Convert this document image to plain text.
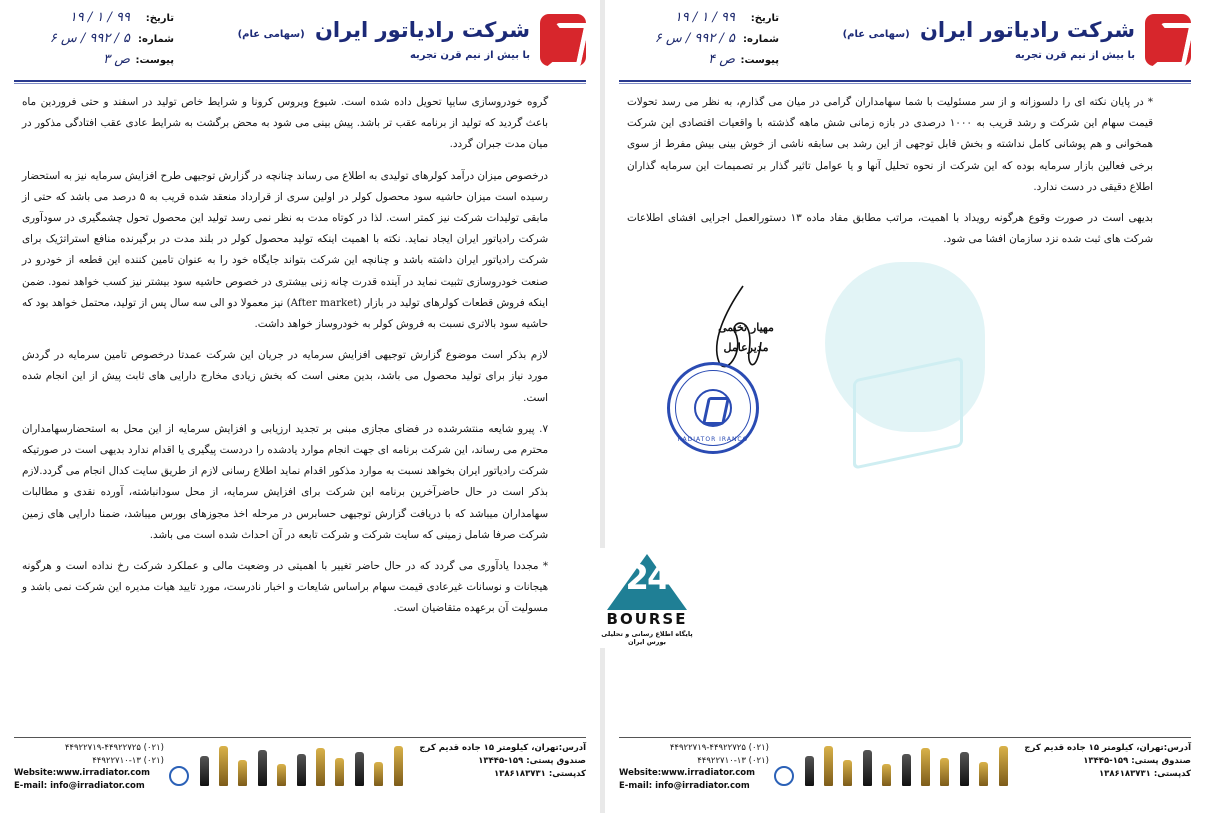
تاریخ:
۹۹ / ۱ / ۱۹
شماره:
۵ / ۹۹۲ / س ۶
پیوست:
ص ۳
شرکت رادیاتور ایران (سهامی عام)
با بیش از نیم قرن تجربه

گروه خودروسازی سایپا تحویل داده شده است. شیوع ویروس کرونا و شرایط خاص تولید در اسفند و حتی فروردین ماه باعث گردید که تولید از برنامه عقب تر باشد. پیش بینی می شود به محض برگشت به شرایط عادی عقب افتادگی مذکور در میان مدت جبران گردد.

درخصوص میزان درآمد کولرهای تولیدی به اطلاع می رساند چنانچه در گزارش توجیهی طرح افزایش سرمایه نیز به استحضار رسیده است میزان حاشیه سود محصول کولر در اولین سری از قرارداد منعقد شده قریب به ۵ درصد می باشد که حتی از مابقی تولیدات شرکت نیز کمتر است. لذا در کوتاه مدت به نظر نمی رسد تولید این محصول تحول چشمگیری در سودآوری شرکت رادیاتور ایران ایجاد نماید. نکته با اهمیت اینکه تولید محصول کولر در بلند مدت در برگیرنده منافع استراتژیک برای شرکت رادیاتور ایران داشته باشد و چنانچه این شرکت بتواند جایگاه خود را به عنوان تامین کننده این قطعه از خودرو در صنعت خودروسازی تثبیت نماید در آینده قدرت چانه زنی بیشتری در خصوص حاشیه سود بیشتر نیز کسب خواهد نمود. ضمن اینکه فروش قطعات کولرهای تولید در بازار (After market) نیز معمولا دو الی سه سال پس از تولید، محتمل خواهد بود که حاشیه سود بالاتری نسبت به فروش کولر به خودروساز خواهد داشت.

لازم بذکر است موضوع گزارش توجیهی افزایش سرمایه در جریان این شرکت عمدتا درخصوص تامین سرمایه در گردش مورد نیاز برای تولید محصول می باشد، بدین معنی است که بخش زیادی مخارج دارایی های ثابت پیش از این انجام شده است.

۷. پیرو شایعه منتشرشده در فضای مجازی مبنی بر تجدید ارزیابی و افزایش سرمایه از این محل به استحضارسهامداران محترم می رساند، این شرکت برنامه ای جهت انجام موارد یادشده را دردست پیگیری یا اقدام ندارد بدیهی است در صورتیکه شرکت رادیاتور ایران بخواهد نسبت به موارد مذکور اقدام نماید اطلاع رسانی لازم از طریق سایت کدال انجام می گردد.لازم بذکر است در حال حاضرآخرین برنامه این شرکت برای افزایش سرمایه، از محل سودانباشته، آورده نقدی و مطالبات سهامداران میباشد که با دریافت گزارش توجیهی حسابرس در مرحله اخذ مجوزهای بورس میباشد، ضمنا دارایی های زمین شرکت صرفا شامل زمینی که سایت شرکت و شرکت تابعه در آن احداث شده است می باشد.

* مجددا یادآوری می گردد که در حال حاضر تغییر با اهمیتی در وضعیت مالی و عملکرد شرکت رخ نداده است و هرگونه هیجانات و نوسانات غیرعادی قیمت سهام براساس شایعات و اخبار نادرست، مورد تایید هیات مدیره این شرکت نمی باشد و مسولیت آن برعهده متقاضیان است.

(۰۲۱) ۴۴۹۲۲۷۱۹-۴۴۹۲۲۷۲۵
(۰۲۱) ۴۴۹۲۲۷۱۰-۱۳
Website:www.irradiator.com
E-mail: info@irradiator.com
آدرس:تهران، کیلومتر ۱۵ جاده قدیم کرج
صندوق پستی: ۱۵۹-۱۳۴۴۵
کدپستی: ۱۳۸۶۱۸۳۷۳۱
تاریخ:
۹۹ / ۱ / ۱۹
شماره:
۵ / ۹۹۲ / س ۶
پیوست:
ص ۴
شرکت رادیاتور ایران (سهامی عام)
با بیش از نیم قرن تجربه

* در پایان نکته ای را دلسوزانه و از سر مسئولیت با شما سهامداران گرامی در میان می گذارم، به نظر می رسد تحولات قیمت سهام این شرکت و رشد قریب به ۱۰۰۰ درصدی در بازه زمانی شش ماهه گذشته با واقعیات اقتصادی این شرکت همخوانی و هم پوشانی کامل نداشته و بخش قابل توجهی از این رشد بی سابقه ناشی از خوش بینی بیش مفرط از سوی برخی فعالین بازار سرمایه بوده که این شرکت از نحوه تحلیل آنها و یا عوامل تاثیر گذار بر تصمیمات این سرمایه گذاران اطلاع دقیقی در دست ندارد.

بدیهی است در صورت وقوع هرگونه رویداد با اهمیت، مراتب مطابق مفاد ماده ۱۳ دستورالعمل اجرایی افشای اطلاعات شرکت های ثبت شده نزد سازمان افشا می شود.

مهیار تخیمی
مدیرعامل
RADIATOR IRANCO
(۰۲۱) ۴۴۹۲۲۷۱۹-۴۴۹۲۲۷۲۵
(۰۲۱) ۴۴۹۲۲۷۱۰-۱۳
Website:www.irradiator.com
E-mail: info@irradiator.com
آدرس:تهران، کیلومتر ۱۵ جاده قدیم کرج
صندوق پستی: ۱۵۹-۱۳۴۴۵
کدپستی: ۱۳۸۶۱۸۳۷۳۱
24
BOURSE
پایگاه اطلاع رسانی و تحلیلی بورس ایران
